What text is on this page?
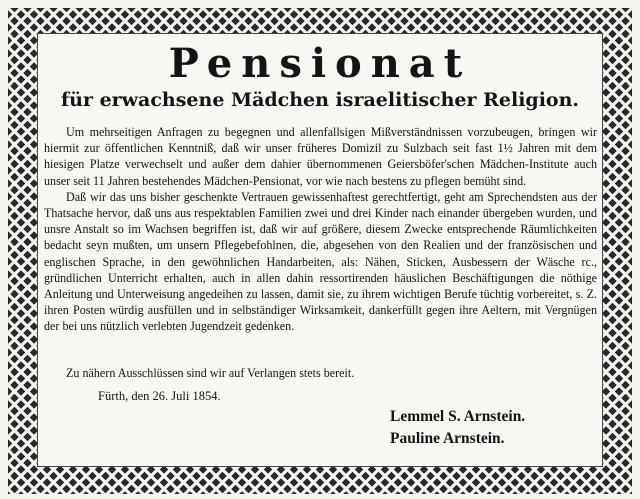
Pensionat
für erwachsene Mädchen israelitischer Religion.

Um mehrseitigen Anfragen zu begegnen und allenfallsigen Mißverständnissen vorzubeugen, bringen wir hiermit zur öffentlichen Kenntniß, daß wir unser früheres Domizil zu Sulzbach seit fast 1½ Jahren mit dem hiesigen Platze verwechselt und außer dem dahier übernommenen Geiersböfer'schen Mädchen-Institute auch unser seit 11 Jahren bestehendes Mädchen-Pensionat, vor wie nach bestens zu pflegen bemüht sind.

Daß wir das uns bisher geschenkte Vertrauen gewissenhaftest gerechtfertigt, geht am Sprechendsten aus der Thatsache hervor, daß uns aus respektablen Familien zwei und drei Kinder nach einander übergeben wurden, und unsre Anstalt so im Wachsen begriffen ist, daß wir auf größere, diesem Zwecke entsprechende Räumlichkeiten bedacht seyn mußten, um unsern Pflegebefohlnen, die, abgesehen von den Realien und der französischen und englischen Sprache, in den gewöhnlichen Handarbeiten, als: Nähen, Sticken, Ausbessern der Wäsche rc., gründlichen Unterricht erhalten, auch in allen dahin ressortirenden häuslichen Beschäftigungen die nöthige Anleitung und Unterweisung angedeihen zu lassen, damit sie, zu ihrem wichtigen Berufe tüchtig vorbereitet, s. Z. ihren Posten würdig ausfüllen und in selbständiger Wirksamkeit, dankerfüllt gegen ihre Aeltern, mit Vergnügen der bei uns nützlich verlebten Jugendzeit gedenken.

Zu nähern Ausschlüssen sind wir auf Verlangen stets bereit.
Fürth, den 26. Juli 1854.
Lemmel S. Arnstein.
Pauline Arnstein.
